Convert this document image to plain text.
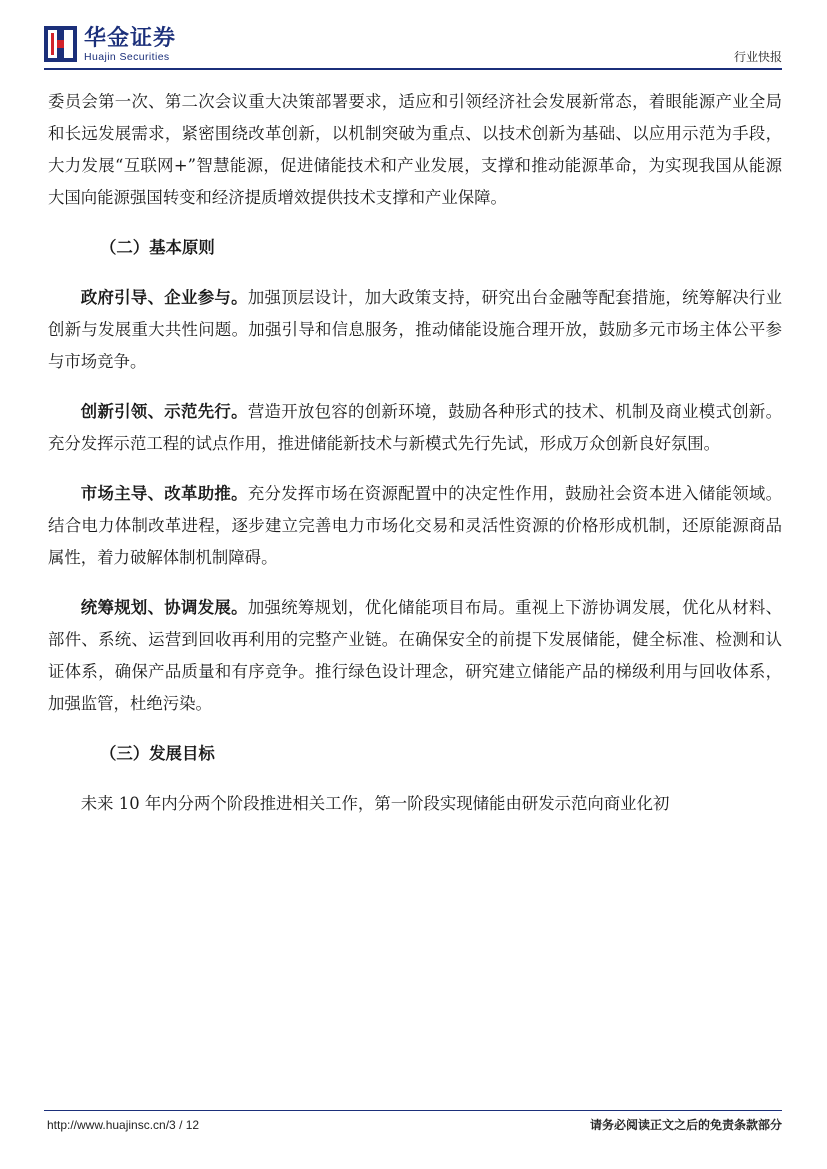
华金证券
Huajin Securities	行业快报

委员会第一次、第二次会议重大决策部署要求，适应和引领经济社会发展新常态，着眼能源产业全局和长远发展需求，紧密围绕改革创新，以机制突破为重点、以技术创新为基础、以应用示范为手段，大力发展“互联网+”智慧能源，促进储能技术和产业发展，支撑和推动能源革命，为实现我国从能源大国向能源强国转变和经济提质增效提供技术支撑和产业保障。

（二）基本原则

政府引导、企业参与。加强顶层设计，加大政策支持，研究出台金融等配套措施，统筹解决行业创新与发展重大共性问题。加强引导和信息服务，推动储能设施合理开放，鼓励多元市场主体公平参与市场竞争。

创新引领、示范先行。营造开放包容的创新环境，鼓励各种形式的技术、机制及商业模式创新。充分发挥示范工程的试点作用，推进储能新技术与新模式先行先试，形成万众创新良好氛围。

市场主导、改革助推。充分发挥市场在资源配置中的决定性作用，鼓励社会资本进入储能领域。结合电力体制改革进程，逐步建立完善电力市场化交易和灵活性资源的价格形成机制，还原能源商品属性，着力破解体制机制障碍。

统筹规划、协调发展。加强统筹规划，优化储能项目布局。重视上下游协调发展，优化从材料、部件、系统、运营到回收再利用的完整产业链。在确保安全的前提下发展储能，健全标准、检测和认证体系，确保产品质量和有序竞争。推行绿色设计理念，研究建立储能产品的梯级利用与回收体系，加强监管，杜绝污染。

（三）发展目标

未来 10 年内分两个阶段推进相关工作，第一阶段实现储能由研发示范向商业化初

http://www.huajinsc.cn/3 / 12	请务必阅读正文之后的免责条款部分
